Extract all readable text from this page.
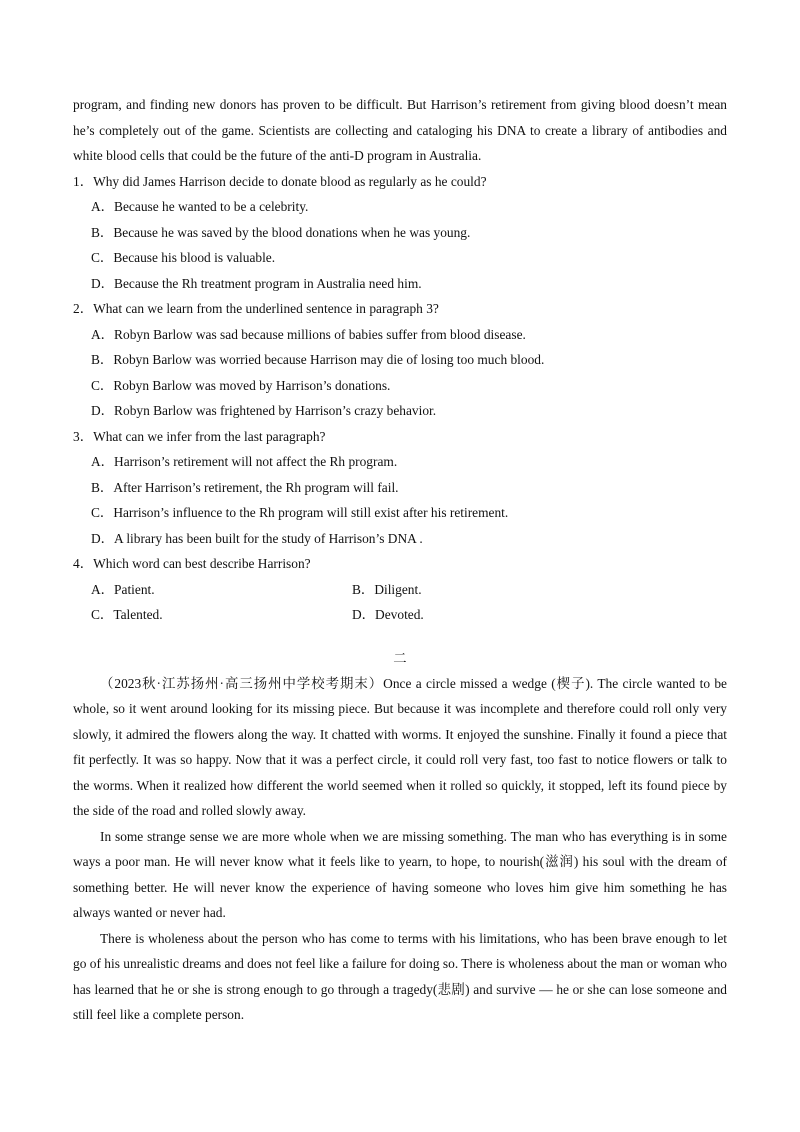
program, and finding new donors has proven to be difficult. But Harrison’s retirement from giving blood doesn’t mean he’s completely out of the game. Scientists are collecting and cataloging his DNA to create a library of antibodies and white blood cells that could be the future of the anti-D program in Australia.

1．Why did James Harrison decide to donate blood as regularly as he could?

A．Because he wanted to be a celebrity.

B．Because he was saved by the blood donations when he was young.

C．Because his blood is valuable.

D．Because the Rh treatment program in Australia need him.

2．What can we learn from the underlined sentence in paragraph 3?

A．Robyn Barlow was sad because millions of babies suffer from blood disease.

B．Robyn Barlow was worried because Harrison may die of losing too much blood.

C．Robyn Barlow was moved by Harrison’s donations.

D．Robyn Barlow was frightened by Harrison’s crazy behavior.

3．What can we infer from the last paragraph?

A．Harrison’s retirement will not affect the Rh program.

B．After Harrison’s retirement, the Rh program will fail.

C．Harrison’s influence to the Rh program will still exist after his retirement.

D．A library has been built for the study of Harrison’s DNA .

4．Which word can best describe Harrison?

A．Patient.	B．Diligent.
C．Talented.	D．Devoted.

二

（2023秋·江苏扬州·高三扬州中学校考期末）Once a circle missed a wedge (楔子). The circle wanted to be whole, so it went around looking for its missing piece. But because it was incomplete and therefore could roll only very slowly, it admired the flowers along the way. It chatted with worms. It enjoyed the sunshine. Finally it found a piece that fit perfectly. It was so happy. Now that it was a perfect circle, it could roll very fast, too fast to notice flowers or talk to the worms. When it realized how different the world seemed when it rolled so quickly, it stopped, left its found piece by the side of the road and rolled slowly away.

In some strange sense we are more whole when we are missing something. The man who has everything is in some ways a poor man. He will never know what it feels like to yearn, to hope, to nourish(滋润) his soul with the dream of something better. He will never know the experience of having someone who loves him give him something he has always wanted or never had.

There is wholeness about the person who has come to terms with his limitations, who has been brave enough to let go of his unrealistic dreams and does not feel like a failure for doing so. There is wholeness about the man or woman who has learned that he or she is strong enough to go through a tragedy(悲剧) and survive — he or she can lose someone and still feel like a complete person.
